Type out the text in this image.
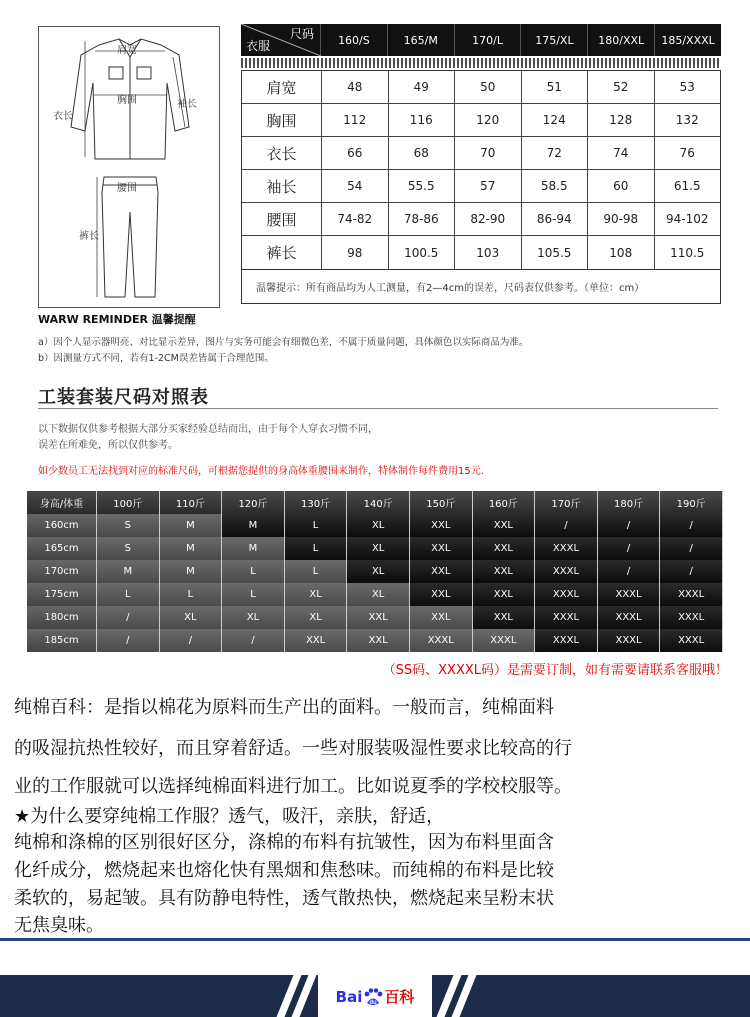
肩宽
衣长
胸围	袖长
腰围
裤长
尺码
衣服	160/S	165/M	170/L	175/XL	180/XXL	185/XXXL
肩宽	48	49	50	51	52	53
胸围	112	116	120	124	128	132
衣长	66	68	70	72	74	76
袖长	54	55.5	57	58.5	60	61.5
腰围	74-82	78-86	82-90	86-94	90-98	94-102
裤长	98	100.5	103	105.5	108	110.5
温馨提示：所有商品均为人工测量，有2—4cm的误差，尺码表仅供参考。（单位：cm）
WARW REMINDER 温馨提醒
a）因个人显示器明亮、对比显示差异，图片与实务可能会有细微色差，不属于质量问题，具体颜色以实际商品为准。
b）因测量方式不同，若有1-2CM误差皆属于合理范围。
工装套装尺码对照表
以下数据仅供参考根据大部分买家经验总结而出，由于每个人穿衣习惯不同，
误差在所难免，所以仅供参考。
如少数员工无法找到对应的标准尺码，可根据您提供的身高体重腰围来制作，特体制作每件费用15元.
身高/体重	100斤	110斤	120斤	130斤	140斤	150斤	160斤	170斤	180斤	190斤
160cm	S	M	M	L	XL	XXL	XXL	/	/	/
165cm	S	M	M	L	XL	XXL	XXL	XXXL	/	/
170cm	M	M	L	L	XL	XXL	XXL	XXXL	/	/
175cm	L	L	L	XL	XL	XXL	XXL	XXXL	XXXL	XXXL
180cm	/	XL	XL	XL	XXL	XXL	XXL	XXXL	XXXL	XXXL
185cm	/	/	/	XXL	XXL	XXXL	XXXL	XXXL	XXXL	XXXL
（SS码、XXXXL码）是需要订制，如有需要请联系客服哦！
纯棉百科：是指以棉花为原料而生产出的面料。一般而言，纯棉面料
的吸湿抗热性较好，而且穿着舒适。一些对服装吸湿性要求比较高的行
业的工作服就可以选择纯棉面料进行加工。比如说夏季的学校校服等。
★为什么要穿纯棉工作服？透气，吸汗，亲肤，舒适，
纯棉和涤棉的区别很好区分，涤棉的布料有抗皱性，因为布料里面含
化纤成分，燃烧起来也熔化快有黑烟和焦愁味。而纯棉的布料是比较
柔软的，易起皱。具有防静电特性，透气散热快，燃烧起来呈粉末状
无焦臭味。
Bai du 百科
